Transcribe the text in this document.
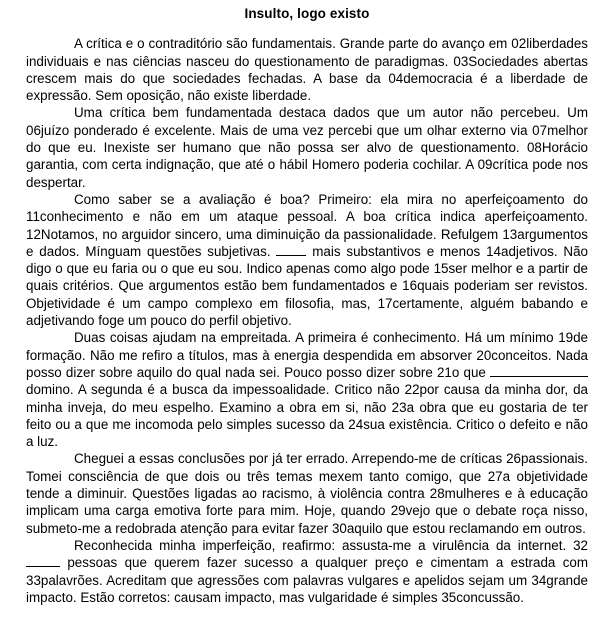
Insulto, logo existo

A crítica e o contraditório são fundamentais. Grande parte do avanço em 02liberdades individuais e nas ciências nasceu do questionamento de paradigmas. 03Sociedades abertas crescem mais do que sociedades fechadas. A base da 04democracia é a liberdade de expressão. Sem oposição, não existe liberdade.

Uma crítica bem fundamentada destaca dados que um autor não percebeu. Um 06juízo ponderado é excelente. Mais de uma vez percebi que um olhar externo via 07melhor do que eu. Inexiste ser humano que não possa ser alvo de questionamento. 08Horácio garantia, com certa indignação, que até o hábil Homero poderia cochilar. A 09crítica pode nos despertar.

Como saber se a avaliação é boa? Primeiro: ela mira no aperfeiçoamento do 11conhecimento e não em um ataque pessoal. A boa crítica indica aperfeiçoamento. 12Notamos, no arguidor sincero, uma diminuição da passionalidade. Refulgem 13argumentos e dados. Mínguam questões subjetivas.  mais substantivos e menos 14adjetivos. Não digo o que eu faria ou o que eu sou. Indico apenas como algo pode 15ser melhor e a partir de quais critérios. Que argumentos estão bem fundamentados e 16quais poderiam ser revistos. Objetividade é um campo complexo em filosofia, mas, 17certamente, alguém babando e adjetivando foge um pouco do perfil objetivo.

Duas coisas ajudam na empreitada. A primeira é conhecimento. Há um mínimo 19de formação. Não me refiro a títulos, mas à energia despendida em absorver 20conceitos. Nada posso dizer sobre aquilo do qual nada sei. Pouco posso dizer sobre 21o que  domino. A segunda é a busca da impessoalidade. Critico não 22por causa da minha dor, da minha inveja, do meu espelho. Examino a obra em si, não 23a obra que eu gostaria de ter feito ou a que me incomoda pelo simples sucesso da 24sua existência. Critico o defeito e não a luz.

Cheguei a essas conclusões por já ter errado. Arrependo-me de críticas 26passionais. Tomei consciência de que dois ou três temas mexem tanto comigo, que 27a objetividade tende a diminuir. Questões ligadas ao racismo, à violência contra 28mulheres e à educação implicam uma carga emotiva forte para mim. Hoje, quando 29vejo que o debate roça nisso, submeto-me a redobrada atenção para evitar fazer 30aquilo que estou reclamando em outros.

Reconhecida minha imperfeição, reafirmo: assusta-me a virulência da internet. 32 pessoas que querem fazer sucesso a qualquer preço e cimentam a estrada com 33palavrões. Acreditam que agressões com palavras vulgares e apelidos sejam um 34grande impacto. Estão corretos: causam impacto, mas vulgaridade é simples 35concussão.
